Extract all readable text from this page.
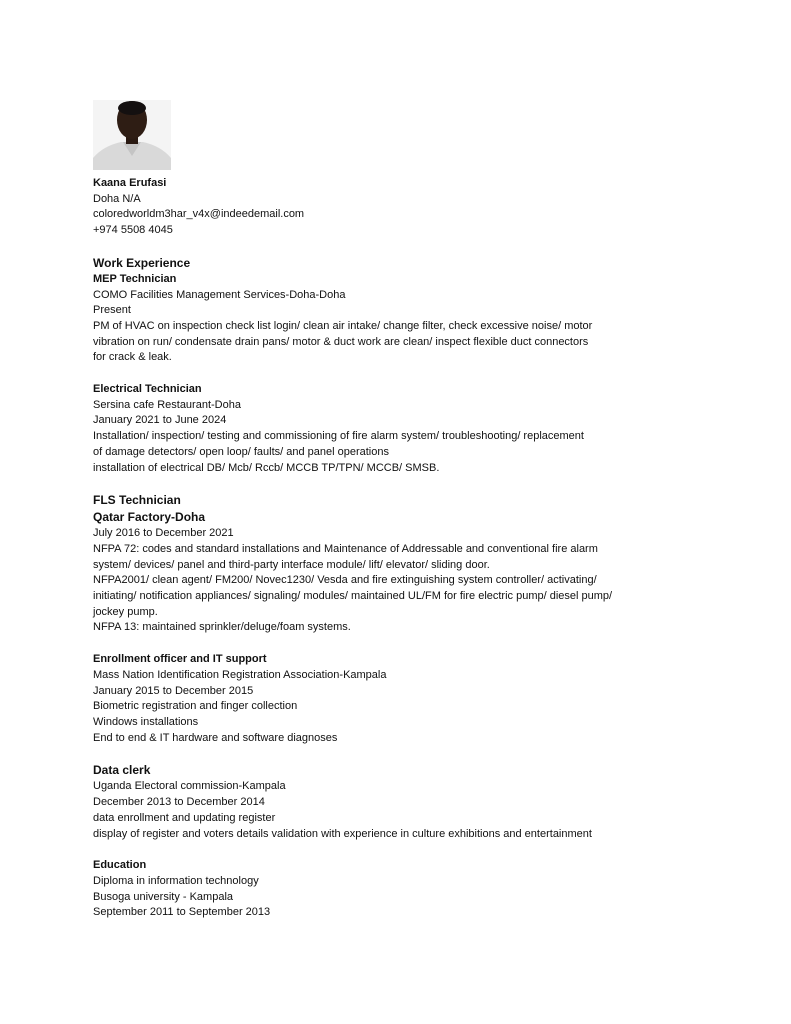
Kaana Erufasi
Doha N/A
coloredworldm3har_v4x@indeedemail.com
+974 5508 4045
Work Experience
MEP Technician
COMO Facilities Management Services-Doha-Doha
Present
PM of HVAC on inspection check list login/ clean air intake/ change filter, check excessive noise/ motor
vibration on run/ condensate drain pans/ motor & duct work are clean/ inspect flexible duct connectors
for crack & leak.
Electrical Technician
Sersina cafe Restaurant-Doha
January 2021 to June 2024
Installation/ inspection/ testing and commissioning of fire alarm system/ troubleshooting/ replacement
of damage detectors/ open loop/ faults/ and panel operations
installation of electrical DB/ Mcb/ Rccb/ MCCB TP/TPN/ MCCB/ SMSB.
FLS Technician
Qatar Factory-Doha
July 2016 to December 2021
NFPA 72: codes and standard installations and Maintenance of Addressable and conventional fire alarm
system/ devices/ panel and third-party interface module/ lift/ elevator/ sliding door.
NFPA2001/ clean agent/ FM200/ Novec1230/ Vesda and fire extinguishing system controller/ activating/
initiating/ notification appliances/ signaling/ modules/ maintained UL/FM for fire electric pump/ diesel pump/
jockey pump.
NFPA 13: maintained sprinkler/deluge/foam systems.
Enrollment officer and IT support
Mass Nation Identification Registration Association-Kampala
January 2015 to December 2015
Biometric registration and finger collection
Windows installations
End to end & IT hardware and software diagnoses
Data clerk
Uganda Electoral commission-Kampala
December 2013 to December 2014
data enrollment and updating register
display of register and voters details validation with experience in culture exhibitions and entertainment
Education
Diploma in information technology
Busoga university - Kampala
September 2011 to September 2013
